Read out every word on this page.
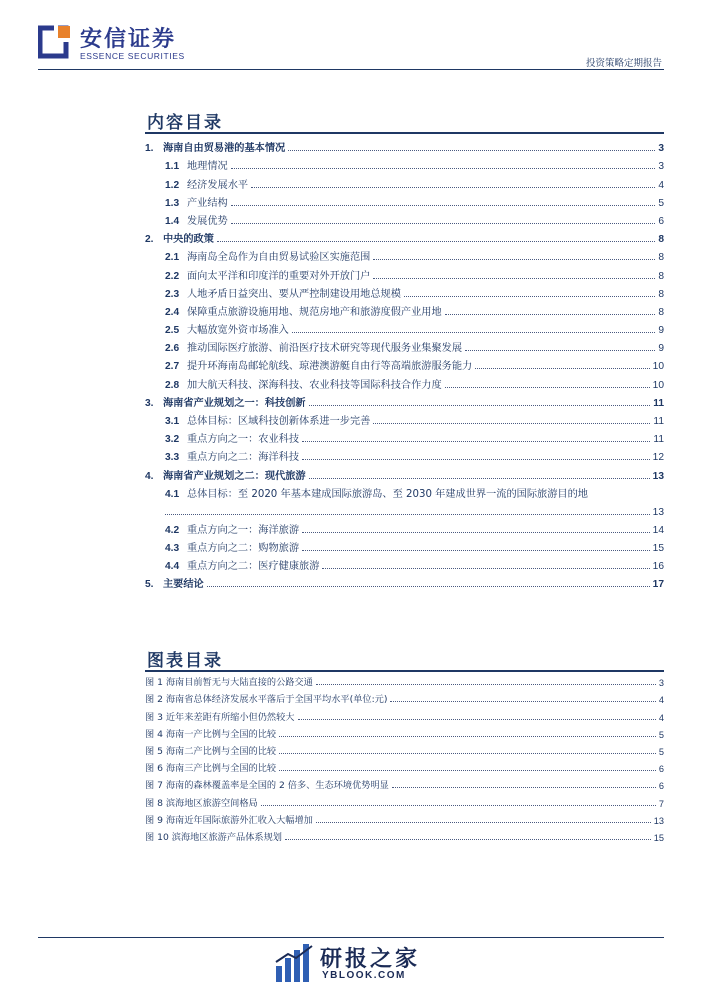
安信证券
ESSENCE SECURITIES
投资策略定期报告
内容目录
1. 海南自由贸易港的基本情况	3
1.1 地理情况	3
1.2 经济发展水平	4
1.3 产业结构	5
1.4 发展优势	6
2. 中央的政策	8
2.1 海南岛全岛作为自由贸易试验区实施范围	8
2.2 面向太平洋和印度洋的重要对外开放门户	8
2.3 人地矛盾日益突出、要从严控制建设用地总规模	8
2.4 保障重点旅游设施用地、规范房地产和旅游度假产业用地	8
2.5 大幅放宽外资市场准入	9
2.6 推动国际医疗旅游、前沿医疗技术研究等现代服务业集聚发展	9
2.7 提升环海南岛邮轮航线、琼港澳游艇自由行等高端旅游服务能力	10
2.8 加大航天科技、深海科技、农业科技等国际科技合作力度	10
3. 海南省产业规划之一：科技创新	11
3.1 总体目标：区域科技创新体系进一步完善	11
3.2 重点方向之一：农业科技	11
3.3 重点方向之二：海洋科技	12
4. 海南省产业规划之二：现代旅游	13
4.1 总体目标：至 2020 年基本建成国际旅游岛、至 2030 年建成世界一流的国际旅游目的地
13
4.2 重点方向之一：海洋旅游	14
4.3 重点方向之二：购物旅游	15
4.4 重点方向之二：医疗健康旅游	16
5. 主要结论	17
图表目录
图 1 海南目前暂无与大陆直接的公路交通	3
图 2 海南省总体经济发展水平落后于全国平均水平(单位:元)	4
图 3 近年来差距有所缩小但仍然较大	4
图 4 海南一产比例与全国的比较	5
图 5 海南二产比例与全国的比较	5
图 6 海南三产比例与全国的比较	6
图 7 海南的森林覆盖率是全国的 2 倍多、生态环境优势明显	6
图 8 滨海地区旅游空间格局	7
图 9 海南近年国际旅游外汇收入大幅增加	13
图 10 滨海地区旅游产品体系规划	15
研报之家
YBLOOK.COM
